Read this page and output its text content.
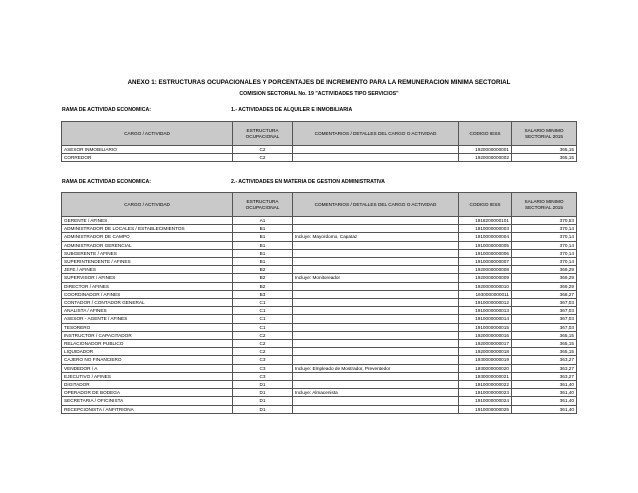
ANEXO 1: ESTRUCTURAS OCUPACIONALES Y PORCENTAJES DE INCREMENTO PARA LA REMUNERACION MINIMA SECTORIAL
COMISION SECTORIAL No. 19 "ACTIVIDADES TIPO SERVICIOS"
RAMA DE ACTIVIDAD ECONOMICA:	1.- ACTIVIDADES DE ALQUILER E INMOBILIARIA
CARGO / ACTIVIDAD	ESTRUCTURA OCUPACIONAL	COMENTARIOS / DETALLES DEL CARGO O ACTIVIDAD	CODIGO IESS	SALARIO MINIMO SECTORIAL 2015
ASESOR INMOBILIARIO	C2		1920000000001	365,15
CORREDOR	C2		1920000000002	365,15
RAMA DE ACTIVIDAD ECONOMICA:	2.- ACTIVIDADES EN MATERIA DE GESTION ADMINISTRATIVA
CARGO / ACTIVIDAD	ESTRUCTURA OCUPACIONAL	COMENTARIOS / DETALLES DEL CARGO O ACTIVIDAD	CODIGO IESS	SALARIO MINIMO SECTORIAL 2015
GERENTE / AFINES	A1		1918200000101	370,53
ADMINISTRADOR DE LOCALES / ESTABLECIMIENTOS	B1		1910000000003	370,14
ADMINISTRADOR DE CAMPO	B1	Incluye: Mayordomo, Capataz	1910000000004	370,14
ADMINISTRADOR GERENCIAL	B1		1910000000005	370,14
SUBGERENTE / AFINES	B1		1910000000006	370,14
SUPERINTENDENTE / AFINES	B1		1910000000007	370,14
JEFE / AFINES	B2		1920000000008	369,29
SUPERVISOR / AFINES	B2	Incluye: Monitoreador	1920000000009	369,29
DIRECTOR / AFINES	B2		1920000000010	369,29
COORDINADOR / AFINES	B3		1930000000011	368,27
CONTADOR / CONTADOR GENERAL	C1		1910000000012	367,03
ANALISTA / AFINES	C1		1910000000013	367,03
ASESOR - AGENTE / AFINES	C1		1910000000014	367,03
TESORERO	C1		1910000000015	367,03
INSTRUCTOR / CAPACITADOR	C2		1920000000016	365,15
RELACIONADOR PUBLICO	C2		1920000000017	365,15
LIQUIDADOR	C2		1920000000018	365,15
CAJERO NO FINANCIERO	C3		1930000000019	363,27
VENDEDOR / A	C3	Incluye: Empleado de Mostrador, Preventedor	1930000000020	363,27
EJECUTIVO / AFINES	C3		1930000000021	363,27
DIGITADOR	D1		1910000000022	361,40
OPERADOR DE BODEGA	D1	Incluye: Almacenista	1910000000023	361,40
SECRETARIA / OFICINISTA	D1		1910000000024	361,40
RECEPCIONISTA / ANFITRIONA	D1		1910000000025	361,40
